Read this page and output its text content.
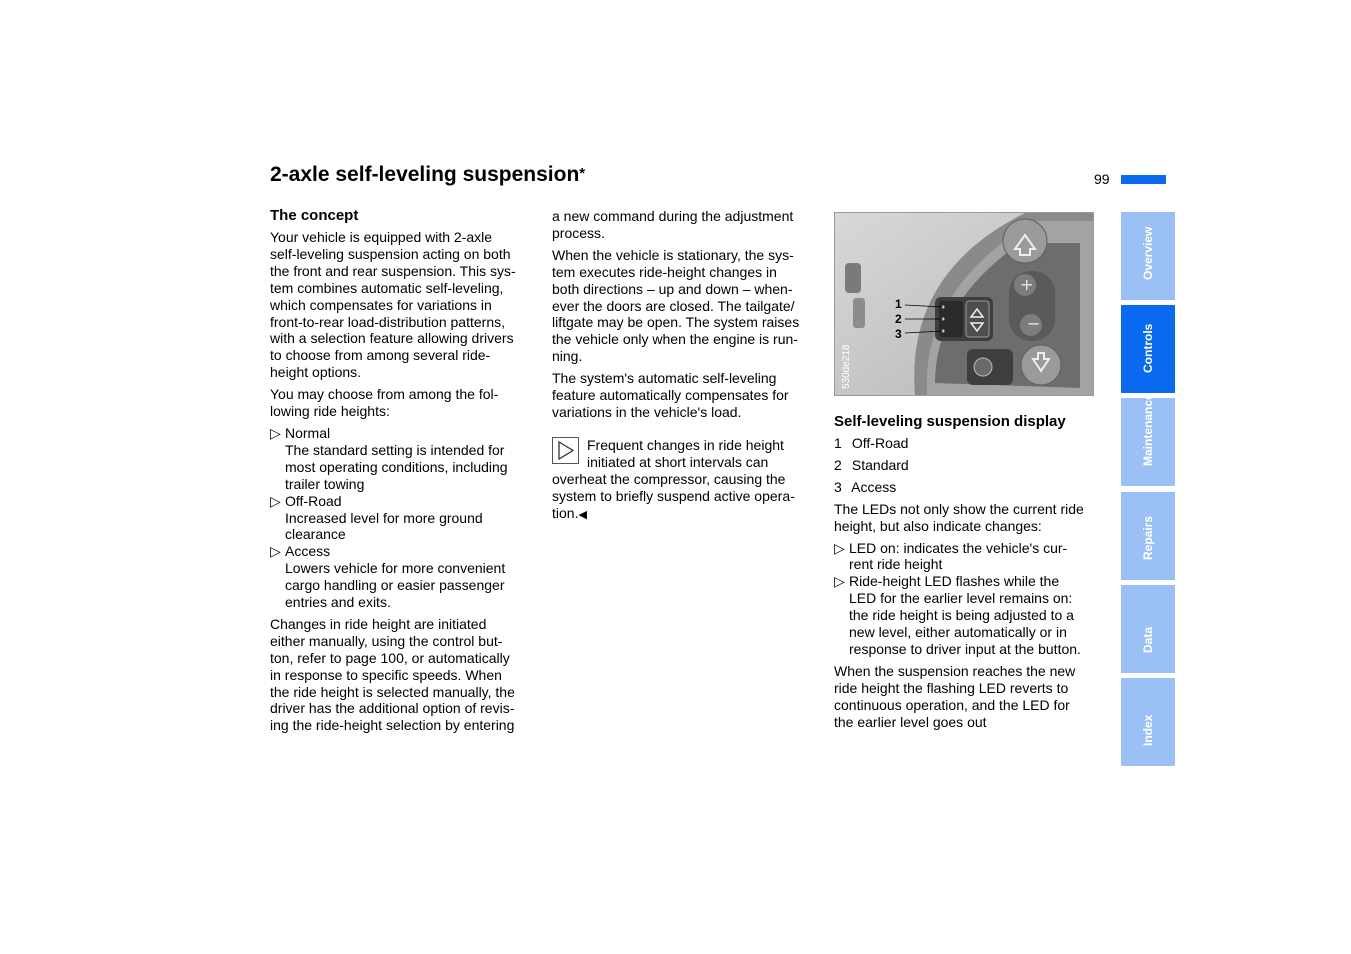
2-axle self-leveling suspension*	99
The concept

Your vehicle is equipped with 2-axle

self-leveling suspension acting on both

the front and rear suspension. This sys-

tem combines automatic self-leveling,

which compensates for variations in

front-to-rear load-distribution patterns,

with a selection feature allowing drivers

to choose from among several ride-

height options.

You may choose from among the fol-

lowing ride heights:

▷ Normal

The standard setting is intended for

most operating conditions, including

trailer towing

▷ Off-Road

Increased level for more ground

clearance

▷ Access

Lowers vehicle for more convenient

cargo handling or easier passenger

entries and exits.

Changes in ride height are initiated

either manually, using the control but-

ton, refer to page 100, or automatically

in response to specific speeds. When

the ride height is selected manually, the

driver has the additional option of revis-

ing the ride-height selection by entering

a new command during the adjustment

process.

When the vehicle is stationary, the sys-

tem executes ride-height changes in

both directions – up and down – when-

ever the doors are closed. The tailgate/

liftgate may be open. The system raises

the vehicle only when the engine is run-

ning.

The system's automatic self-leveling

feature automatically compensates for

variations in the vehicle's load.

Frequent changes in ride height

initiated at short intervals can

overheat the compressor, causing the

system to briefly suspend active opera-

tion.◀

+
−
1
2
3
530de218
Self-leveling suspension display

1 Off-Road

2 Standard

3 Access

The LEDs not only show the current ride

height, but also indicate changes:

▷ LED on: indicates the vehicle's cur-

rent ride height

▷ Ride-height LED flashes while the

LED for the earlier level remains on:

the ride height is being adjusted to a

new level, either automatically or in

response to driver input at the button.

When the suspension reaches the new

ride height the flashing LED reverts to

continuous operation, and the LED for

the earlier level goes out

Overview
Controls
Maintenance
Repairs
Data
Index
